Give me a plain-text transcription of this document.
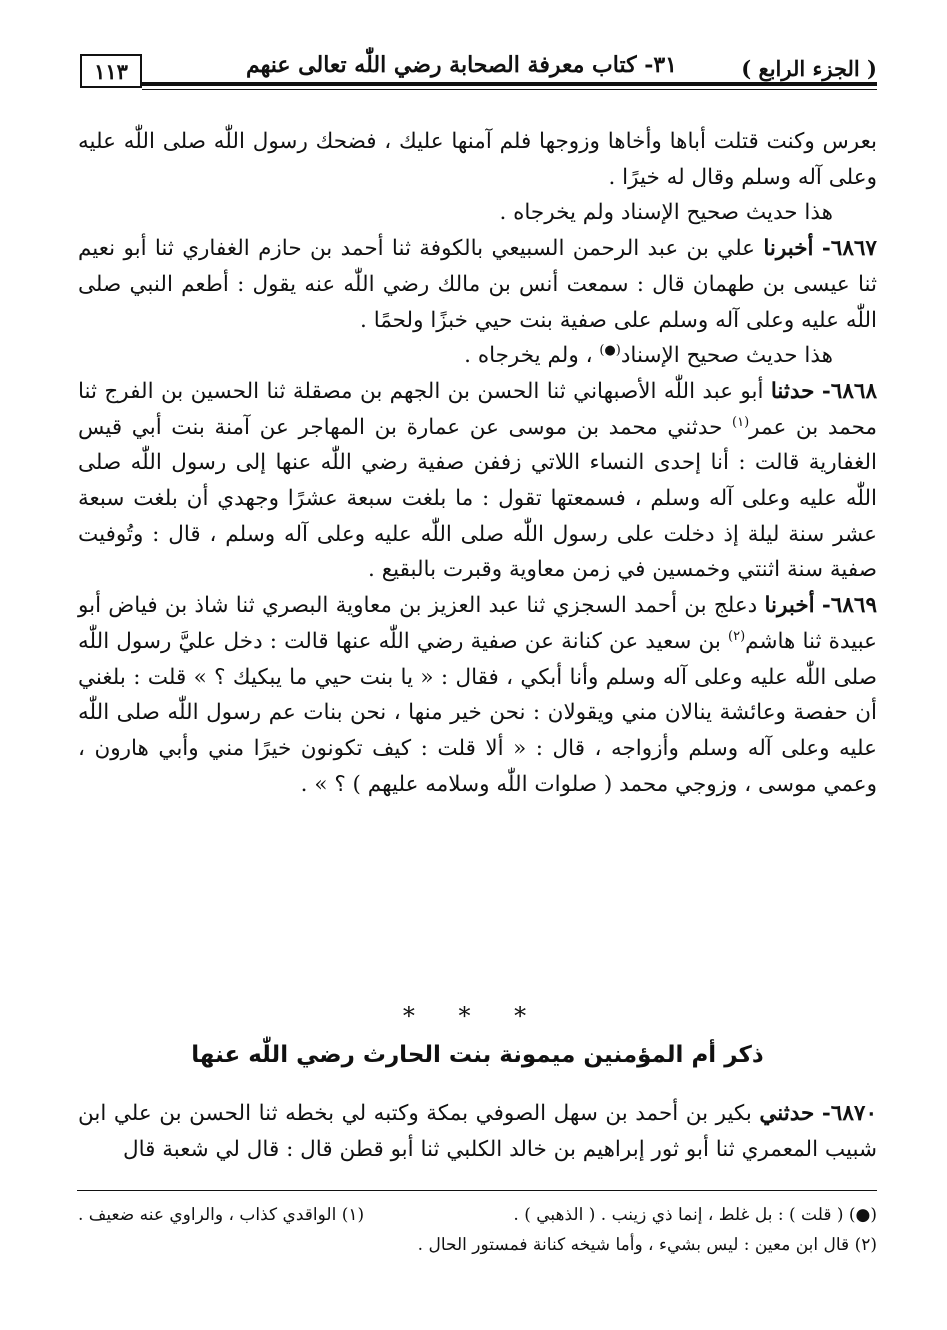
( الجزء الرابع )
٣١- كتاب معرفة الصحابة رضي اللّٰه تعالى عنهم
١١٣

بعرس وكنت قتلت أباها وأخاها وزوجها فلم آمنها عليك ، فضحك رسول اللّٰه صلى اللّٰه عليه وعلى آله وسلم وقال له خيرًا .

هذا حديث صحيح الإسناد ولم يخرجاه .

٦٨٦٧- أخبرنا علي بن عبد الرحمن السبيعي بالكوفة ثنا أحمد بن حازم الغفاري ثنا أبو نعيم ثنا عيسى بن طهمان قال : سمعت أنس بن مالك رضي اللّٰه عنه يقول : أطعم النبي صلى اللّٰه عليه وعلى آله وسلم على صفية بنت حيي خبزًا ولحمًا .

هذا حديث صحيح الإسناد(●) ، ولم يخرجاه .

٦٨٦٨- حدثنا أبو عبد اللّٰه الأصبهاني ثنا الحسن بن الجهم بن مصقلة ثنا الحسين بن الفرج ثنا محمد بن عمر$^{(١)}$ حدثني محمد بن موسى عن عمارة بن المهاجر عن آمنة بنت أبي قيس الغفارية قالت : أنا إحدى النساء اللاتي زففن صفية رضي اللّٰه عنها إلى رسول اللّٰه صلى اللّٰه عليه وعلى آله وسلم ، فسمعتها تقول : ما بلغت سبعة عشرًا وجهدي أن بلغت سبعة عشر سنة ليلة إذ دخلت على رسول اللّٰه صلى اللّٰه عليه وعلى آله وسلم ، قال : وتُوفيت صفية سنة اثنتي وخمسين في زمن معاوية وقبرت بالبقيع .

٦٨٦٩- أخبرنا دعلج بن أحمد السجزي ثنا عبد العزيز بن معاوية البصري ثنا شاذ بن فياض أبو عبيدة ثنا هاشم$^{(٢)}$ بن سعيد عن كنانة عن صفية رضي اللّٰه عنها قالت : دخل عليَّ رسول اللّٰه صلى اللّٰه عليه وعلى آله وسلم وأنا أبكي ، فقال : « يا بنت حيي ما يبكيك ؟ » قلت : بلغني أن حفصة وعائشة ينالان مني ويقولان : نحن خير منها ، نحن بنات عم رسول اللّٰه صلى اللّٰه عليه وعلى آله وسلم وأزواجه ، قال : « ألا قلت : كيف تكونون خيرًا مني وأبي هارون ، وعمي موسى ، وزوجي محمد ( صلوات اللّٰه وسلامه عليهم ) ؟ » .

* * *
ذكر أم المؤمنين ميمونة بنت الحارث رضي اللّٰه عنها

٦٨٧٠- حدثني بكير بن أحمد بن سهل الصوفي بمكة وكتبه لي بخطه ثنا الحسن بن علي ابن شبيب المعمري ثنا أبو ثور إبراهيم بن خالد الكلبي ثنا أبو قطن قال : قال لي شعبة قال

(●) ( قلت ) : بل غلط ، إنما ذي زينب . ( الذهبي ) .
(١) الواقدي كذاب ، والراوي عنه ضعيف .
(٢) قال ابن معين : ليس بشيء ، وأما شيخه كنانة فمستور الحال .
